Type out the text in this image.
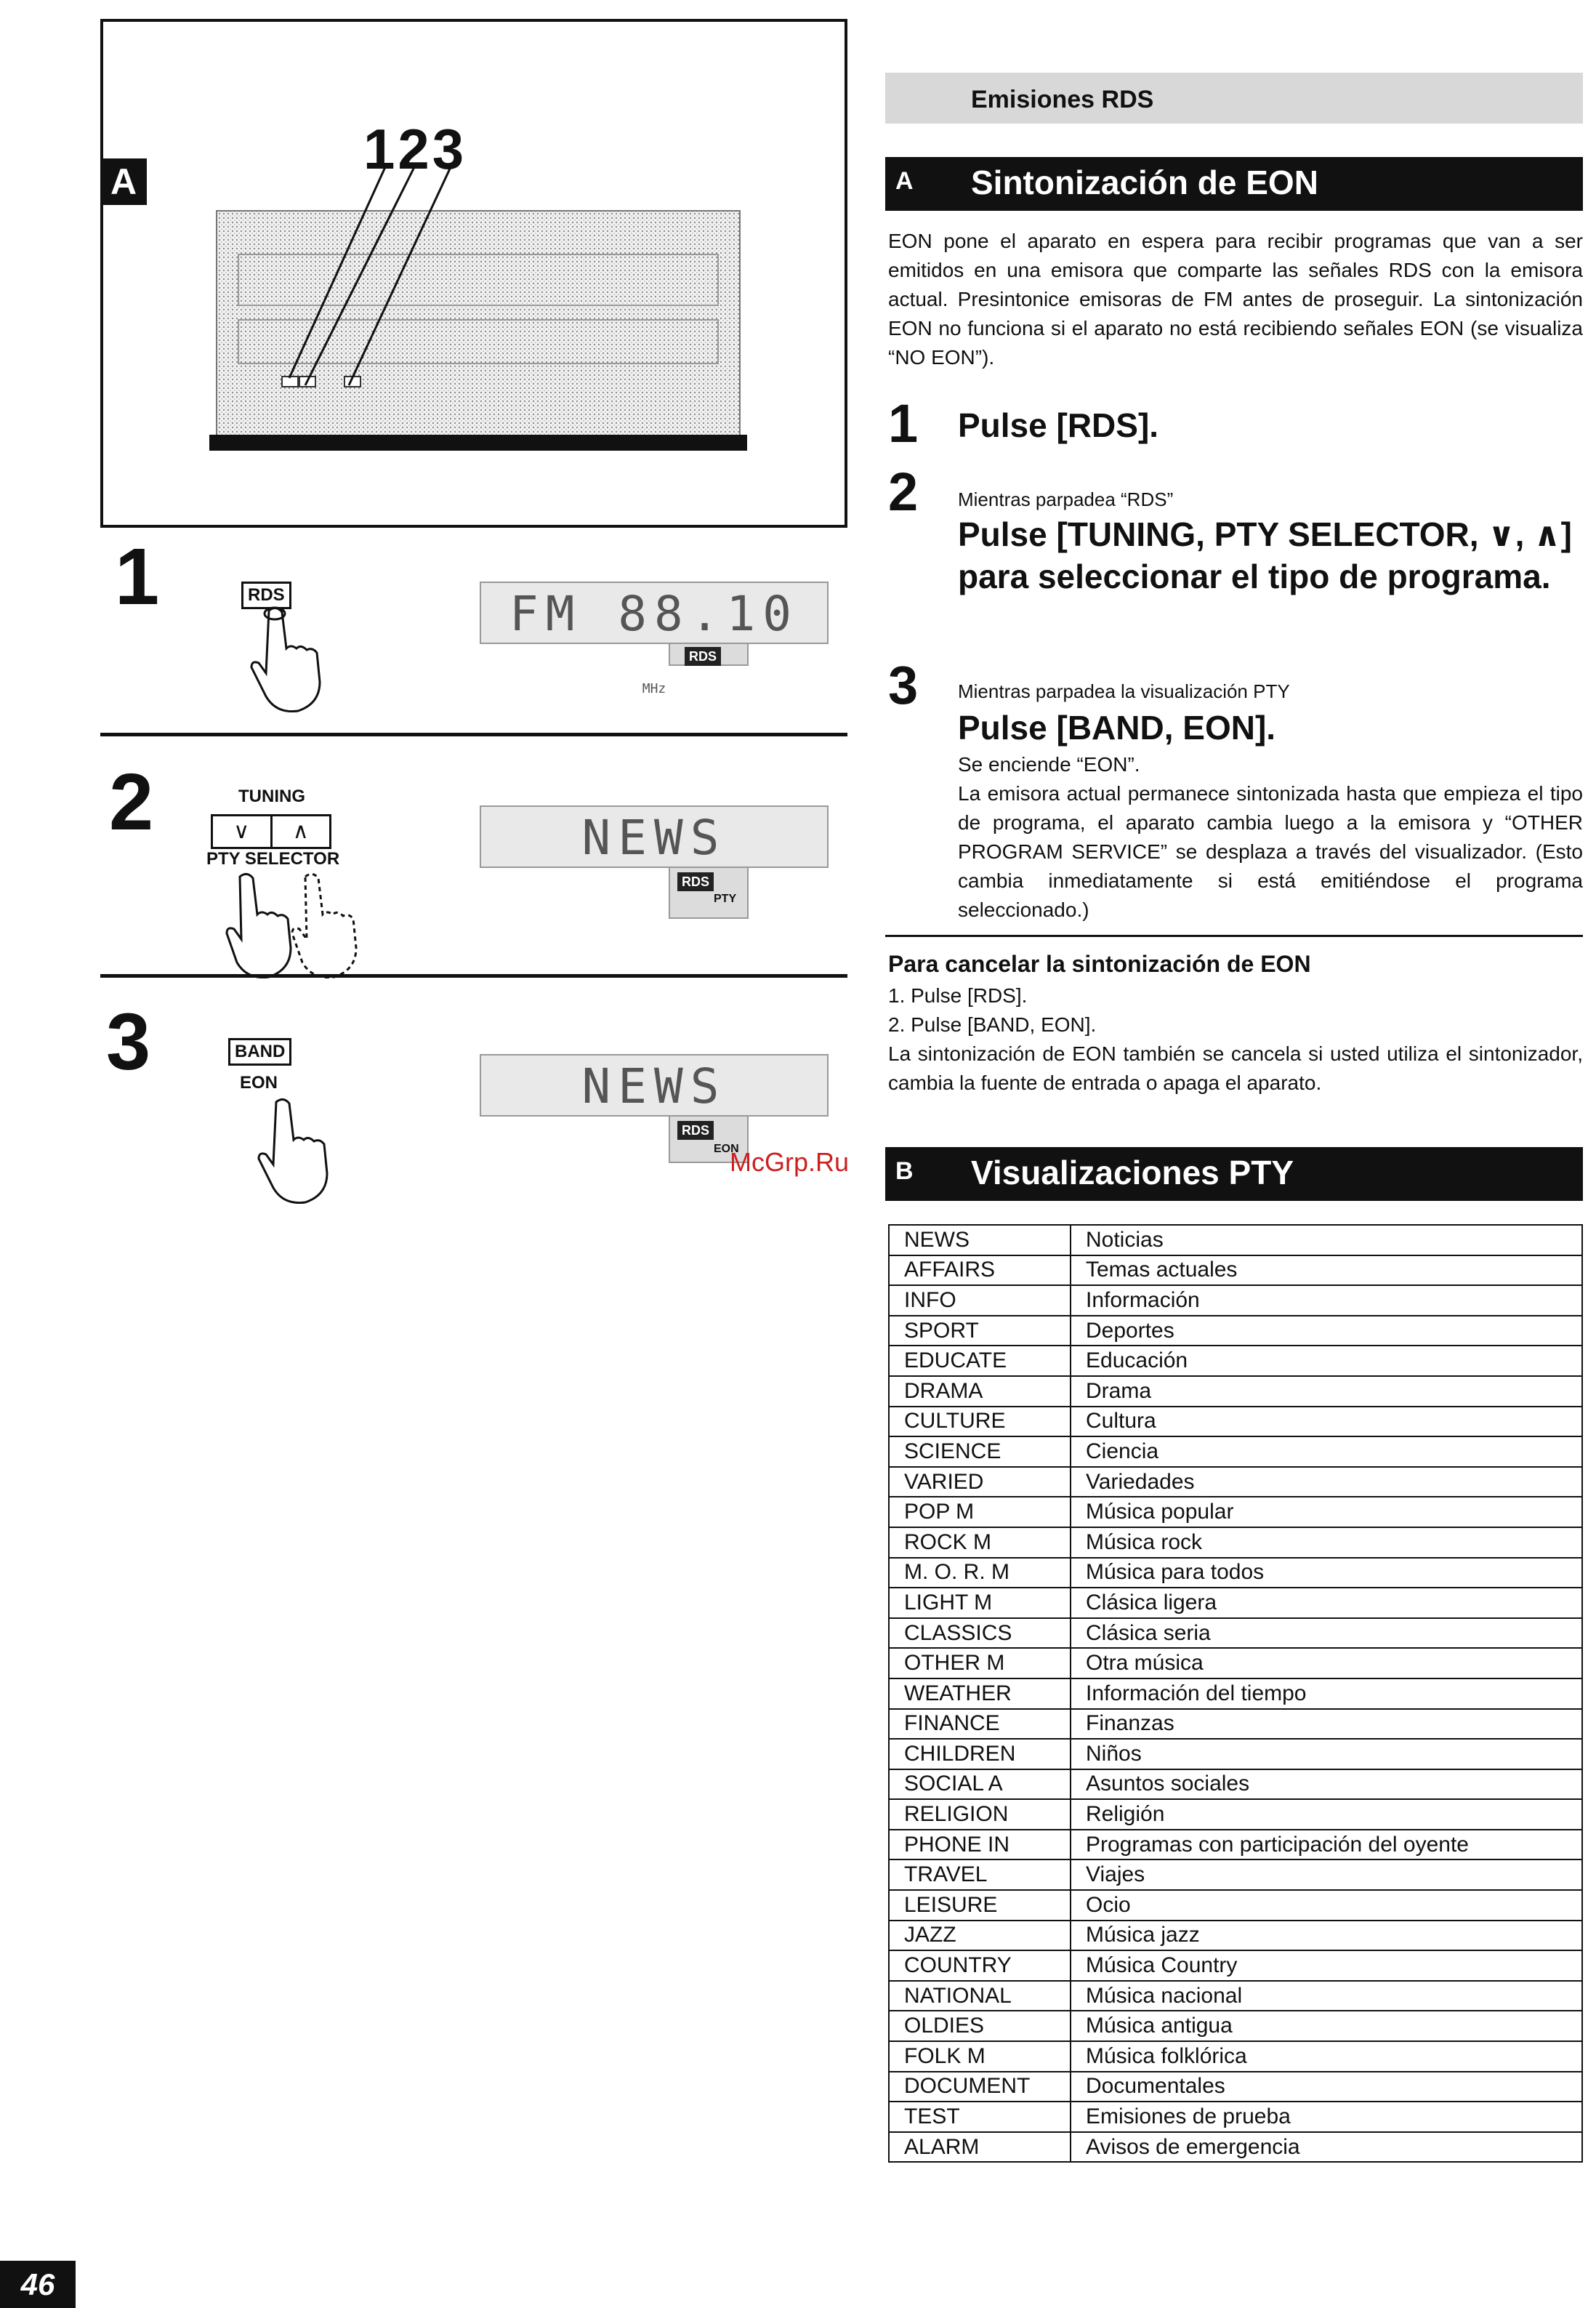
A
123
1	RDS	FM 88.10 MHz
RDS
2	TUNING
∨	∧
PTY SELECTOR	NEWS
RDS
PTY
3	BAND
EON	NEWS
RDS
EON
McGrp.Ru
Emisiones RDS
A Sintonización de EON
EON pone el aparato en espera para recibir programas que van a ser emitidos en una emisora que comparte las señales RDS con la emisora actual. Presintonice emisoras de FM antes de proseguir. La sintonización EON no funciona si el aparato no está recibiendo señales EON (se visualiza “NO EON”).
1 Pulse [RDS].
2 Mientras parpadea “RDS”
Pulse [TUNING, PTY SELECTOR, ∨, ∧] para seleccionar el tipo de programa.
3 Mientras parpadea la visualización PTY
Pulse [BAND, EON].
Se enciende “EON”.
La emisora actual permanece sintonizada hasta que empieza el tipo de programa, el aparato cambia luego a la emisora y “OTHER PROGRAM SERVICE” se desplaza a través del visualizador. (Esto cambia inmediatamente si está emitiéndose el programa seleccionado.)
Para cancelar la sintonización de EON
1. Pulse [RDS].
2. Pulse [BAND, EON].
La sintonización de EON también se cancela si usted utiliza el sintonizador, cambia la fuente de entrada o apaga el aparato.
B Visualizaciones PTY
NEWS	Noticias
AFFAIRS	Temas actuales
INFO	Información
SPORT	Deportes
EDUCATE	Educación
DRAMA	Drama
CULTURE	Cultura
SCIENCE	Ciencia
VARIED	Variedades
POP M	Música popular
ROCK M	Música rock
M. O. R. M	Música para todos
LIGHT M	Clásica ligera
CLASSICS	Clásica seria
OTHER M	Otra música
WEATHER	Información del tiempo
FINANCE	Finanzas
CHILDREN	Niños
SOCIAL A	Asuntos sociales
RELIGION	Religión
PHONE IN	Programas con participación del oyente
TRAVEL	Viajes
LEISURE	Ocio
JAZZ	Música jazz
COUNTRY	Música Country
NATIONAL	Música nacional
OLDIES	Música antigua
FOLK M	Música folklórica
DOCUMENT	Documentales
TEST	Emisiones de prueba
ALARM	Avisos de emergencia
46
